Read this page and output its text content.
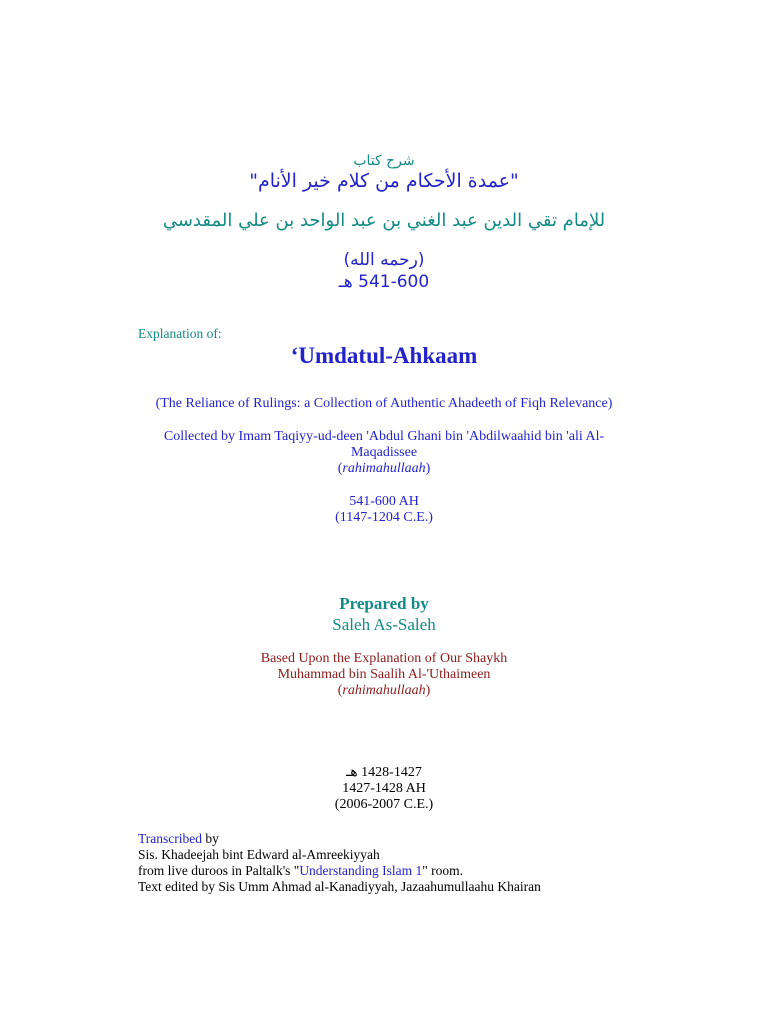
شرح كتاب
"عمدة الأحكام من كلام خير الأنام"
للإمام تقي الدين عبد الغني بن عبد الواحد بن علي المقدسي
(رحمه الله)
541-600 هـ
Explanation of:
‘Umdatul-Ahkaam
(The Reliance of Rulings: a Collection of Authentic Ahadeeth of Fiqh Relevance)
Collected by Imam Taqiyy-ud-deen 'Abdul Ghani bin 'Abdilwaahid bin 'ali Al-
Maqadissee
(rahimahullaah)
541-600 AH
(1147-1204 C.E.)
Prepared by
Saleh As-Saleh
Based Upon the Explanation of Our Shaykh
Muhammad bin Saalih Al-'Uthaimeen
(rahimahullaah)
1428-1427 هـ
1427-1428 AH
(2006-2007 C.E.)
Transcribed by
Sis. Khadeejah bint Edward al-Amreekiyyah
from live duroos in Paltalk's "Understanding Islam 1" room.
Text edited by Sis Umm Ahmad al-Kanadiyyah, Jazaahumullaahu Khairan
